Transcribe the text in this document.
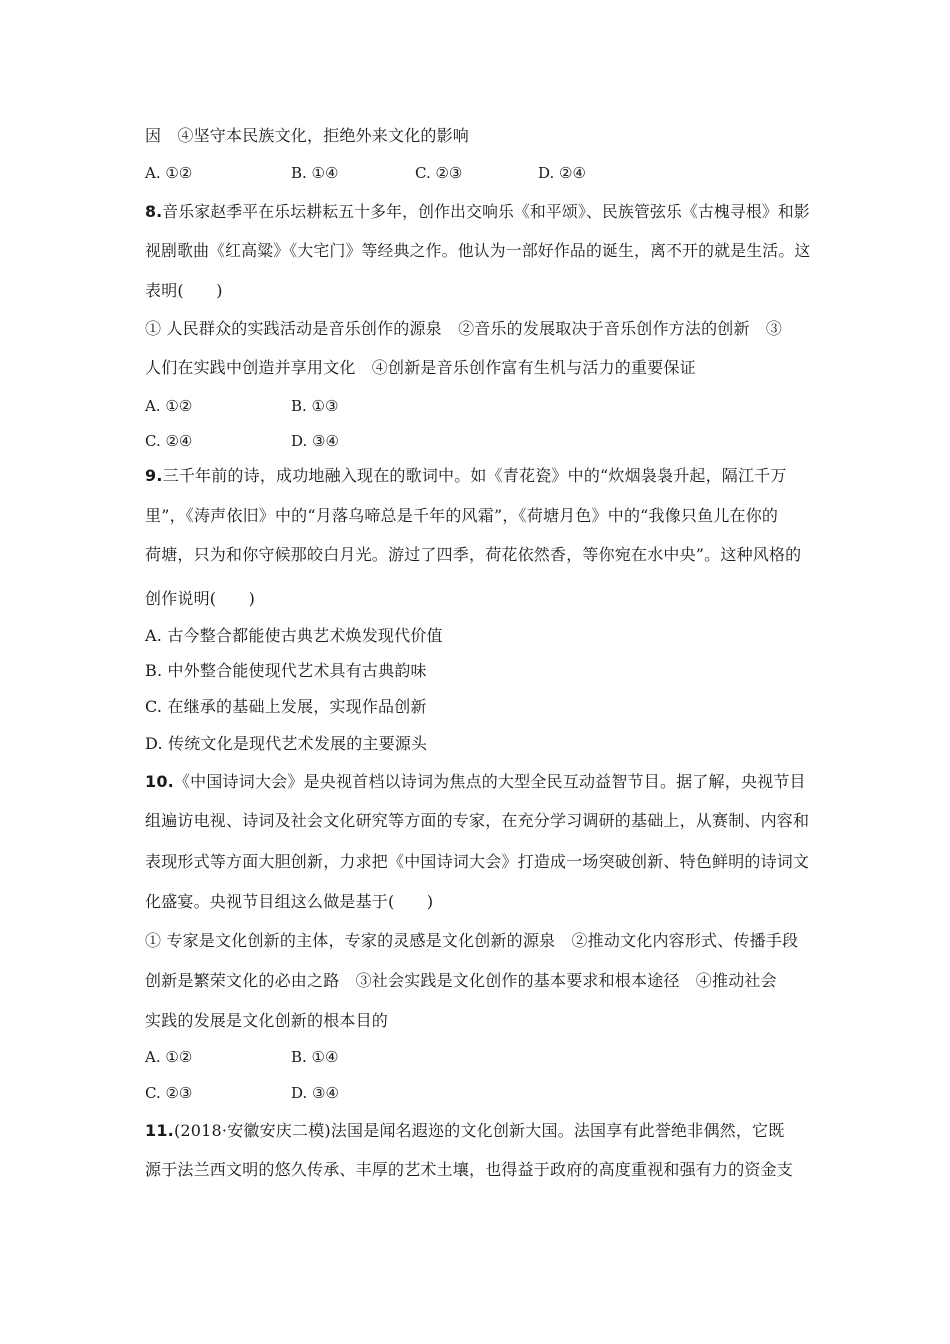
因　④坚守本民族文化，拒绝外来文化的影响
A. ①②	B. ①④	C. ②③	D. ②④
8.音乐家赵季平在乐坛耕耘五十多年，创作出交响乐《和平颂》、民族管弦乐《古槐寻根》和影
视剧歌曲《红高粱》《大宅门》等经典之作。他认为一部好作品的诞生，离不开的就是生活。这
表明(　　)
① 人民群众的实践活动是音乐创作的源泉　②音乐的发展取决于音乐创作方法的创新　③
人们在实践中创造并享用文化　④创新是音乐创作富有生机与活力的重要保证
A. ①②	B. ①③
C. ②④	D. ③④
9.三千年前的诗，成功地融入现在的歌词中。如《青花瓷》中的“炊烟袅袅升起，隔江千万
里”，《涛声依旧》中的“月落乌啼总是千年的风霜”，《荷塘月色》中的“我像只鱼儿在你的
荷塘，只为和你守候那皎白月光。游过了四季，荷花依然香，等你宛在水中央”。这种风格的
创作说明(　　)
A. 古今整合都能使古典艺术焕发现代价值
B. 中外整合能使现代艺术具有古典韵味
C. 在继承的基础上发展，实现作品创新
D. 传统文化是现代艺术发展的主要源头
10.《中国诗词大会》是央视首档以诗词为焦点的大型全民互动益智节目。据了解，央视节目
组遍访电视、诗词及社会文化研究等方面的专家，在充分学习调研的基础上，从赛制、内容和
表现形式等方面大胆创新，力求把《中国诗词大会》打造成一场突破创新、特色鲜明的诗词文
化盛宴。央视节目组这么做是基于(　　)
① 专家是文化创新的主体，专家的灵感是文化创新的源泉　②推动文化内容形式、传播手段
创新是繁荣文化的必由之路　③社会实践是文化创作的基本要求和根本途径　④推动社会
实践的发展是文化创新的根本目的
A. ①②	B. ①④
C. ②③	D. ③④
11.(2018·安徽安庆二模)法国是闻名遐迩的文化创新大国。法国享有此誉绝非偶然，它既
源于法兰西文明的悠久传承、丰厚的艺术土壤，也得益于政府的高度重视和强有力的资金支
